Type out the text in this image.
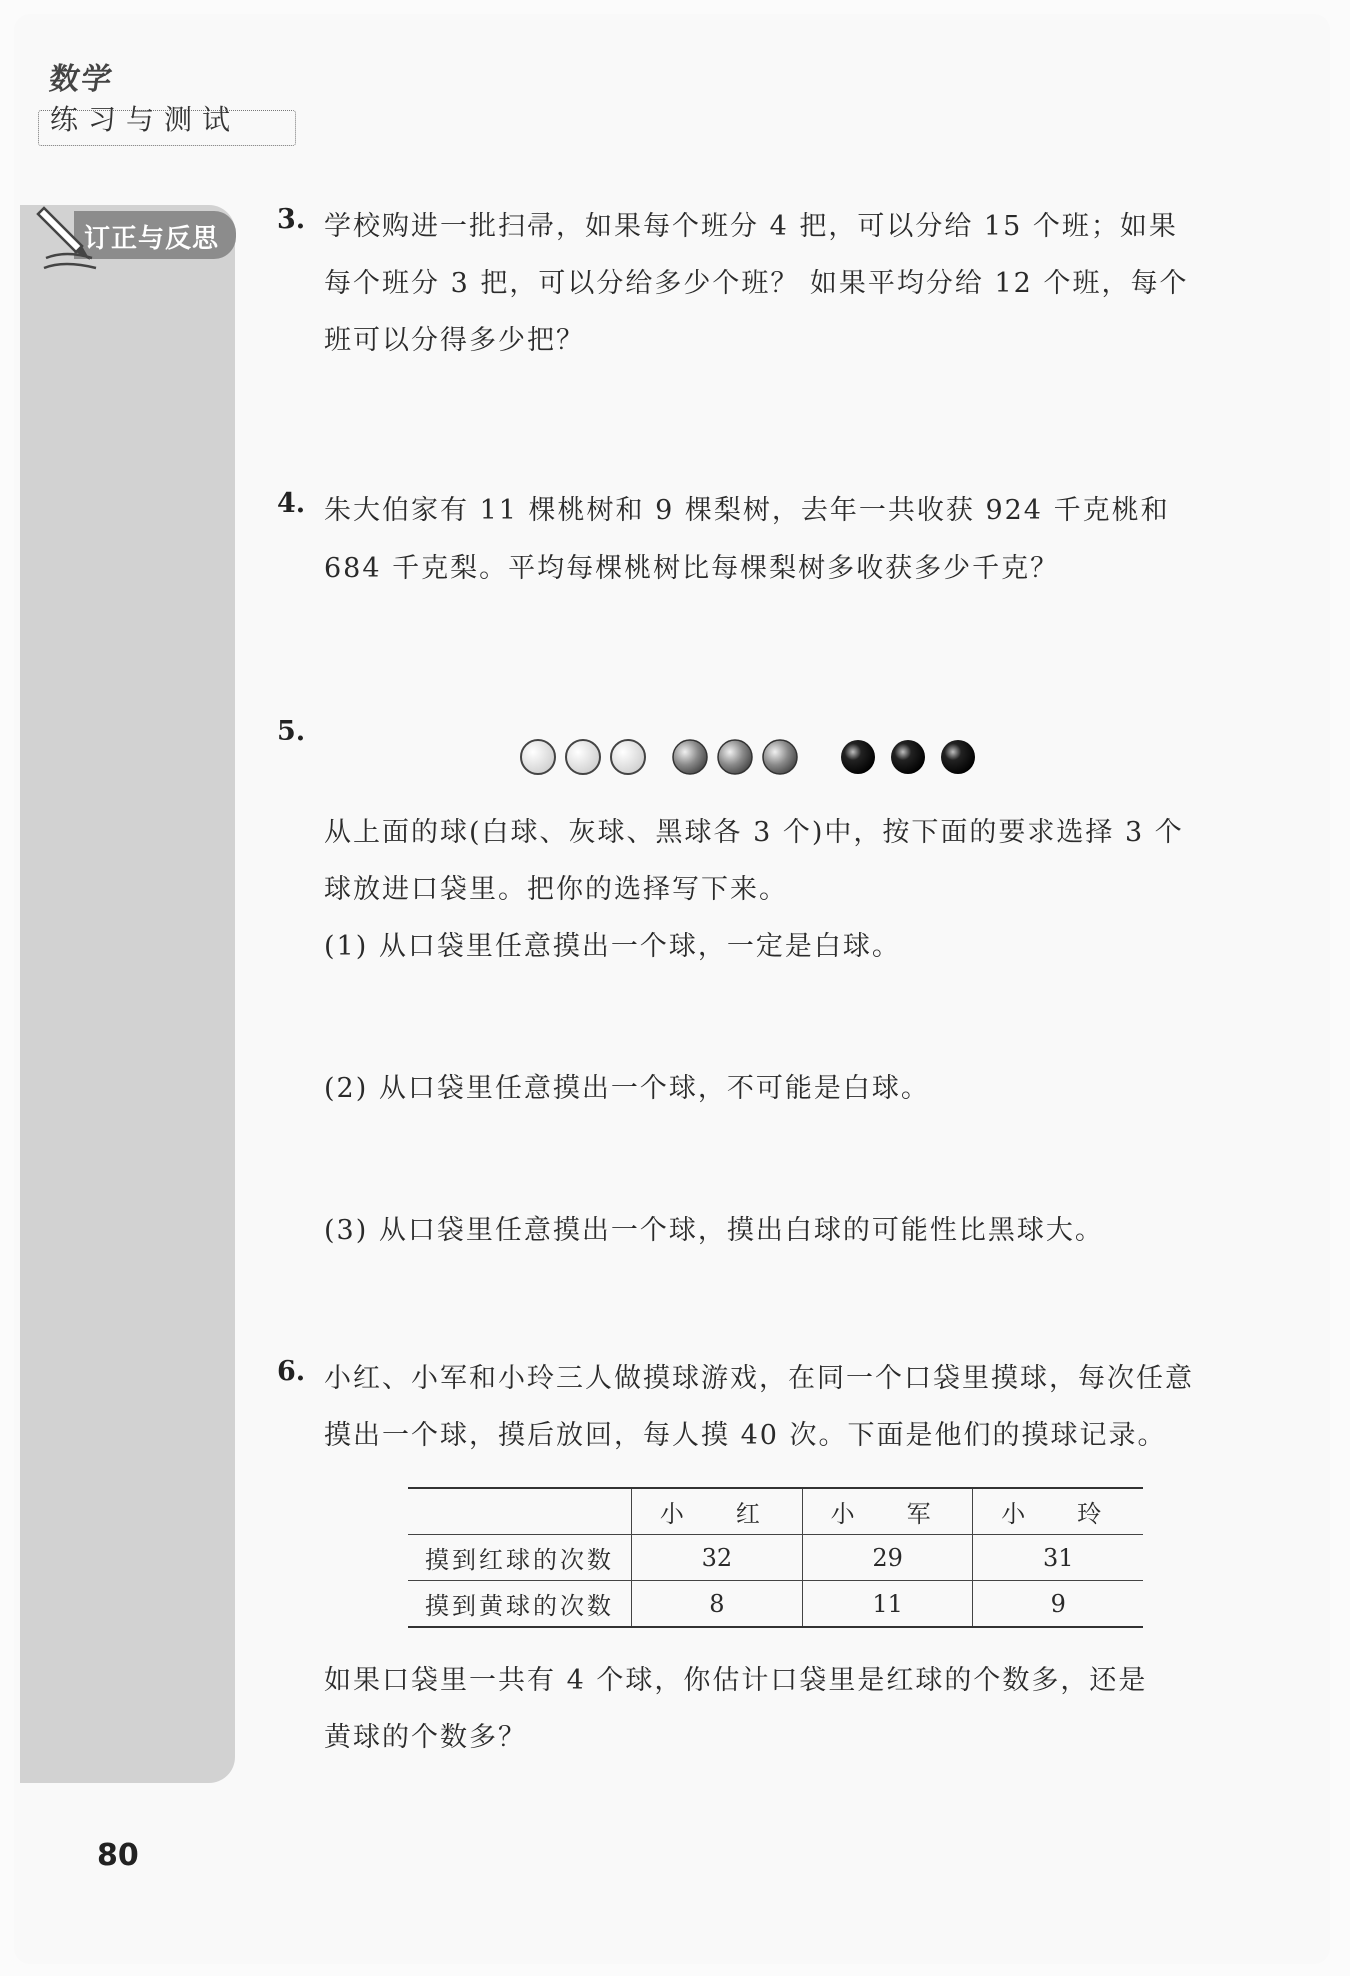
数学
练习与测试
订正与反思
3. 学校购进一批扫帚，如果每个班分 4 把，可以分给 15 个班；如果
每个班分 3 把，可以分给多少个班？ 如果平均分给 12 个班，每个
班可以分得多少把？
4. 朱大伯家有 11 棵桃树和 9 棵梨树，去年一共收获 924 千克桃和
684 千克梨。平均每棵桃树比每棵梨树多收获多少千克？
5.
从上面的球(白球、灰球、黑球各 3 个)中，按下面的要求选择 3 个
球放进口袋里。把你的选择写下来。
(1) 从口袋里任意摸出一个球，一定是白球。
(2) 从口袋里任意摸出一个球，不可能是白球。
(3) 从口袋里任意摸出一个球，摸出白球的可能性比黑球大。
6. 小红、小军和小玲三人做摸球游戏，在同一个口袋里摸球，每次任意
摸出一个球，摸后放回，每人摸 40 次。下面是他们的摸球记录。
	小　红	小　军	小　玲
摸到红球的次数	32	29	31
摸到黄球的次数	8	11	9
如果口袋里一共有 4 个球，你估计口袋里是红球的个数多，还是
黄球的个数多？
80
